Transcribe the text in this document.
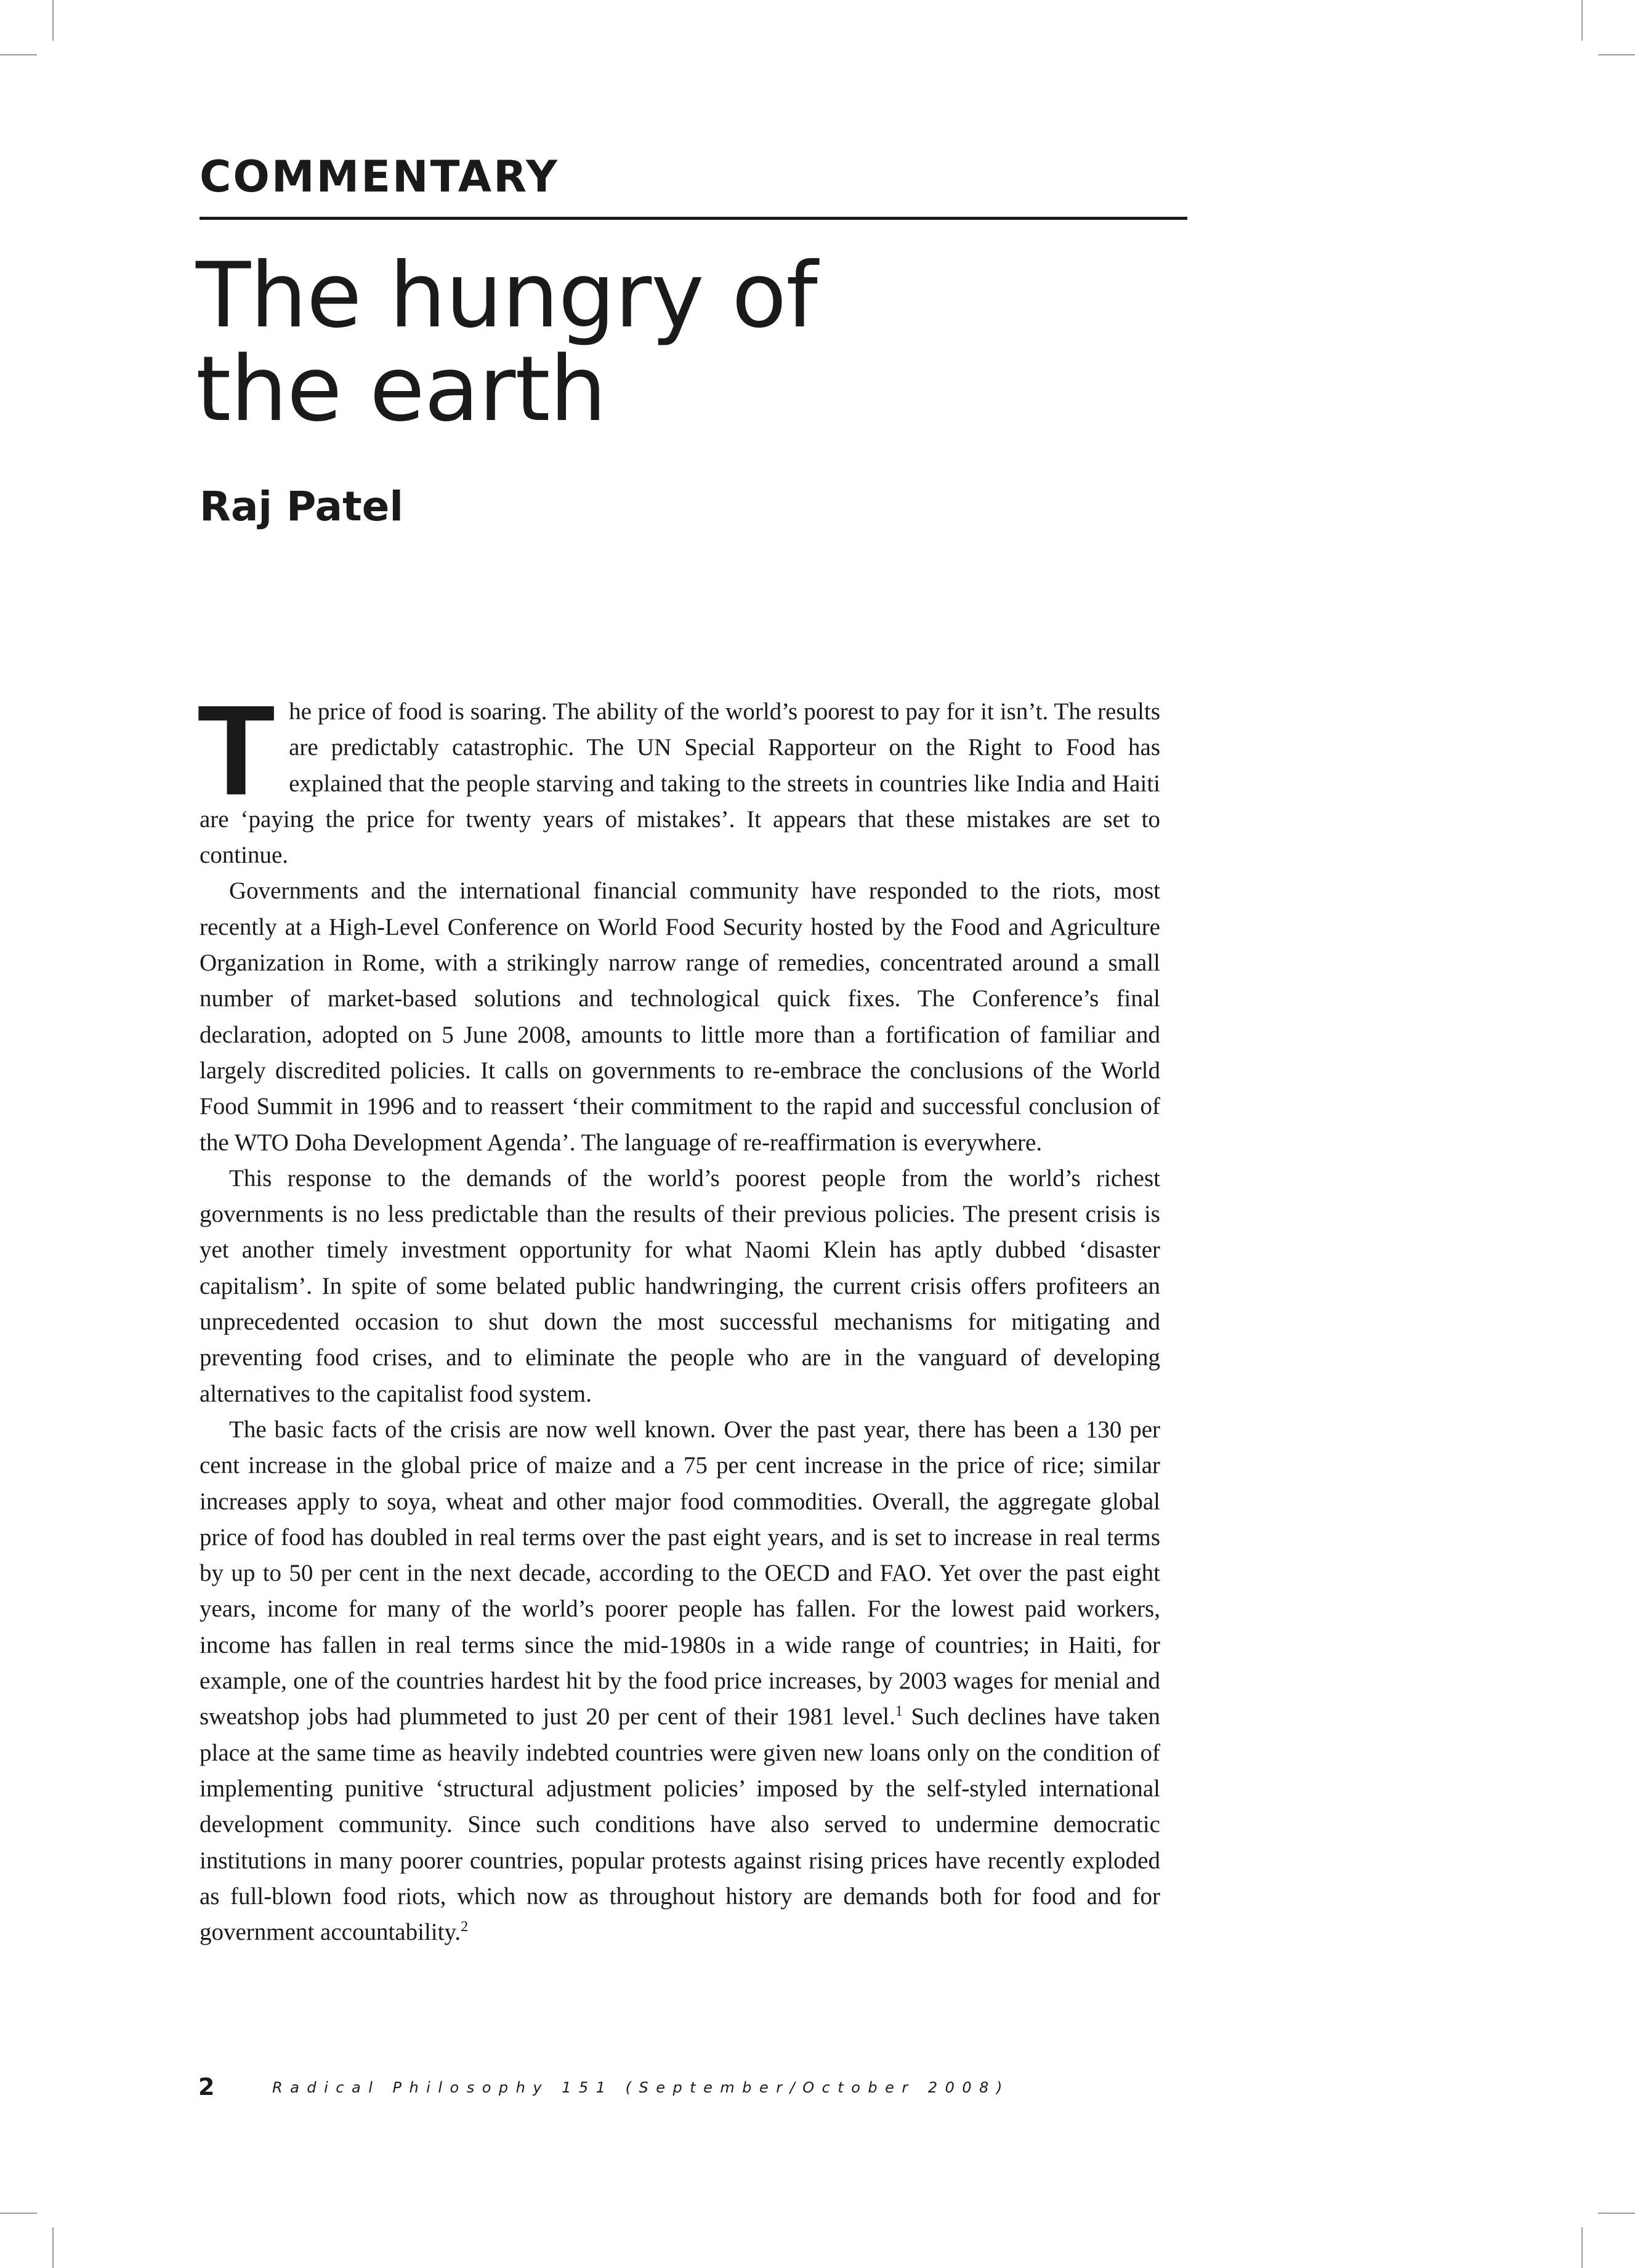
COMMENTARY
The hungry of
the earth
Raj Patel

The price of food is soaring. The ability of the world’s poorest to pay for it isn’t. The results are predictably catastrophic. The UN Special Rapporteur on the Right to Food has explained that the people starving and taking to the streets in countries like India and Haiti are ‘paying the price for twenty years of mistakes’. It appears that these mistakes are set to continue.

Governments and the international financial community have responded to the riots, most recently at a High-Level Conference on World Food Security hosted by the Food and Agriculture Organization in Rome, with a strikingly narrow range of remedies, concentrated around a small number of market-based solutions and technological quick fixes. The Conference’s final declaration, adopted on 5 June 2008, amounts to little more than a fortification of familiar and largely discredited policies. It calls on governments to re-embrace the conclusions of the World Food Summit in 1996 and to reassert ‘their commitment to the rapid and successful conclusion of the WTO Doha Development Agenda’. The language of re-reaffirmation is everywhere.

This response to the demands of the world’s poorest people from the world’s richest governments is no less predictable than the results of their previous policies. The present crisis is yet another timely investment opportunity for what Naomi Klein has aptly dubbed ‘disaster capitalism’. In spite of some belated public handwringing, the current crisis offers profiteers an unprecedented occasion to shut down the most successful mechanisms for mitigating and preventing food crises, and to eliminate the people who are in the vanguard of developing alternatives to the capitalist food system.

The basic facts of the crisis are now well known. Over the past year, there has been a 130 per cent increase in the global price of maize and a 75 per cent increase in the price of rice; similar increases apply to soya, wheat and other major food commodities. Overall, the aggregate global price of food has doubled in real terms over the past eight years, and is set to increase in real terms by up to 50 per cent in the next decade, according to the OECD and FAO. Yet over the past eight years, income for many of the world’s poorer people has fallen. For the lowest paid workers, income has fallen in real terms since the mid-1980s in a wide range of countries; in Haiti, for example, one of the countries hardest hit by the food price increases, by 2003 wages for menial and sweatshop jobs had plummeted to just 20 per cent of their 1981 level.$^1$ Such declines have taken place at the same time as heavily indebted countries were given new loans only on the condition of implementing punitive ‘structural adjustment policies’ imposed by the self-styled international development community. Since such conditions have also served to undermine democratic institutions in many poorer countries, popular protests against rising prices have recently exploded as full-blown food riots, which now as throughout history are demands both for food and for government accountability.$^2$

2	Radical Philosophy 151 (September/October 2008)
